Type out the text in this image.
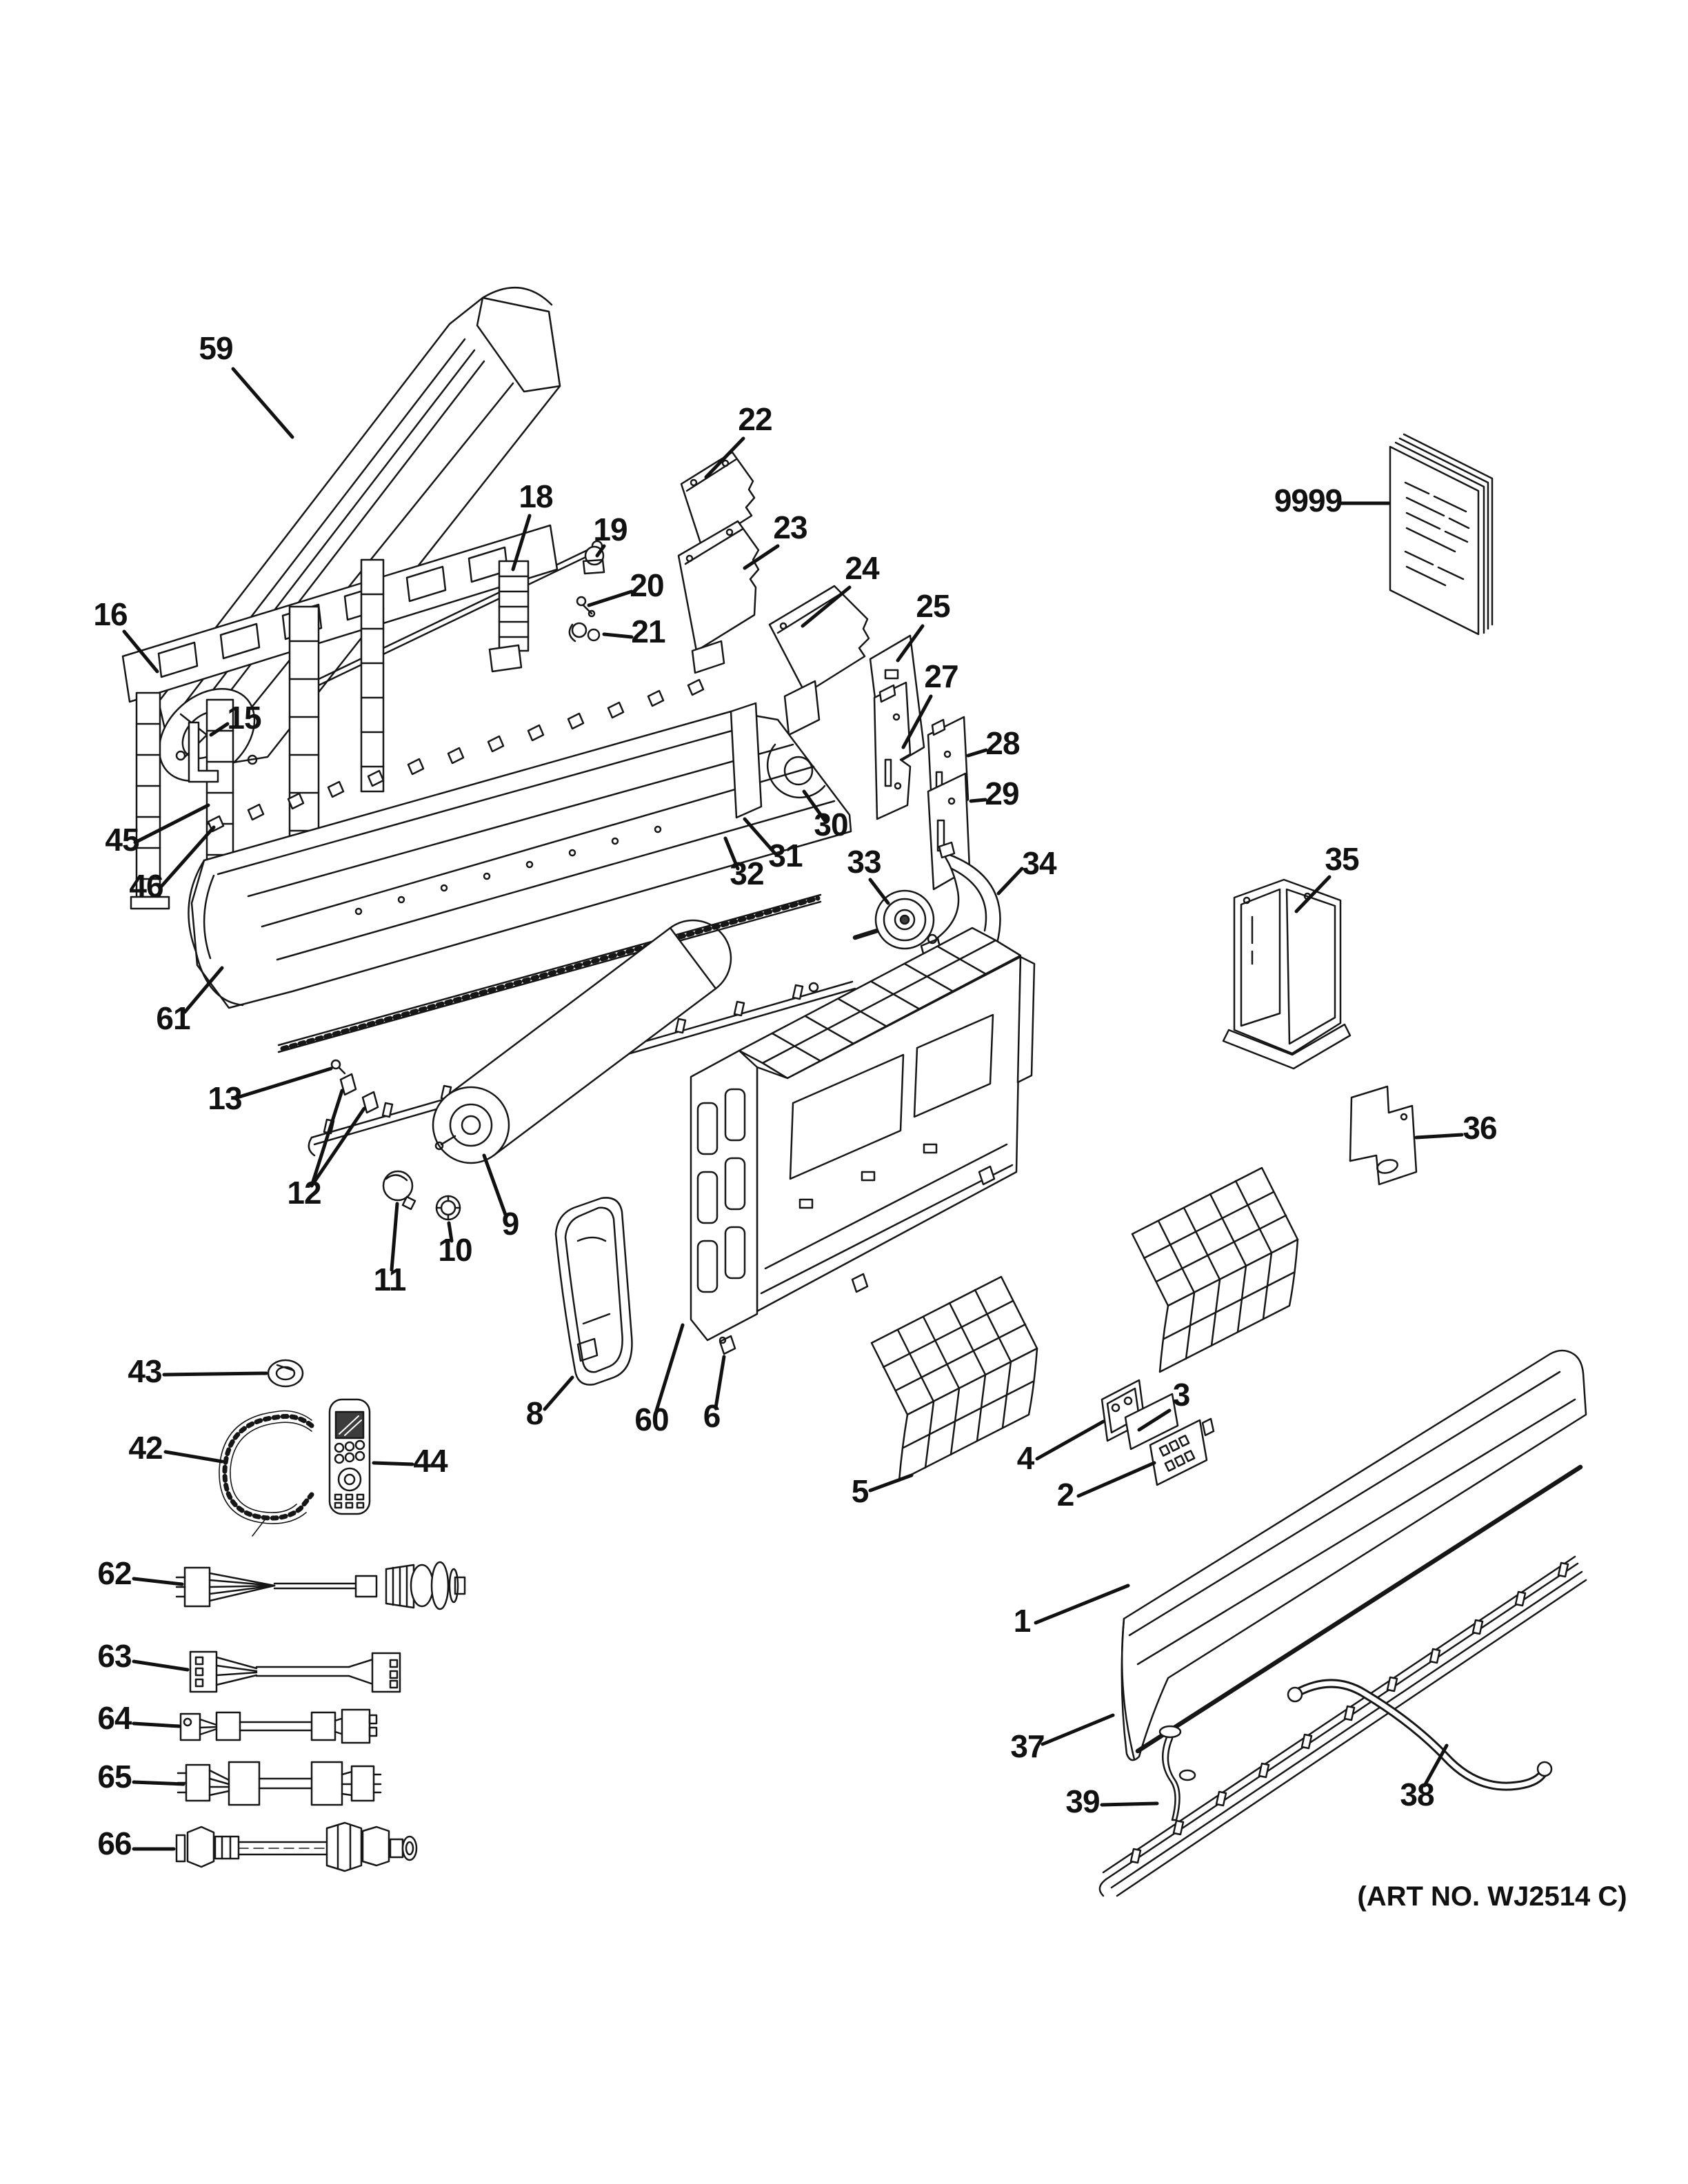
59
16
15
18
19
20
21
22
23
24
25
27
28
29
30
31
32	33	34	35
36
9999
45
46
61
13
12
11
10
9
8	60 6
43
42	44
62
63
64
65
66
5
4
3
2
1
37
39	38
(ART NO. WJ2514 C)
